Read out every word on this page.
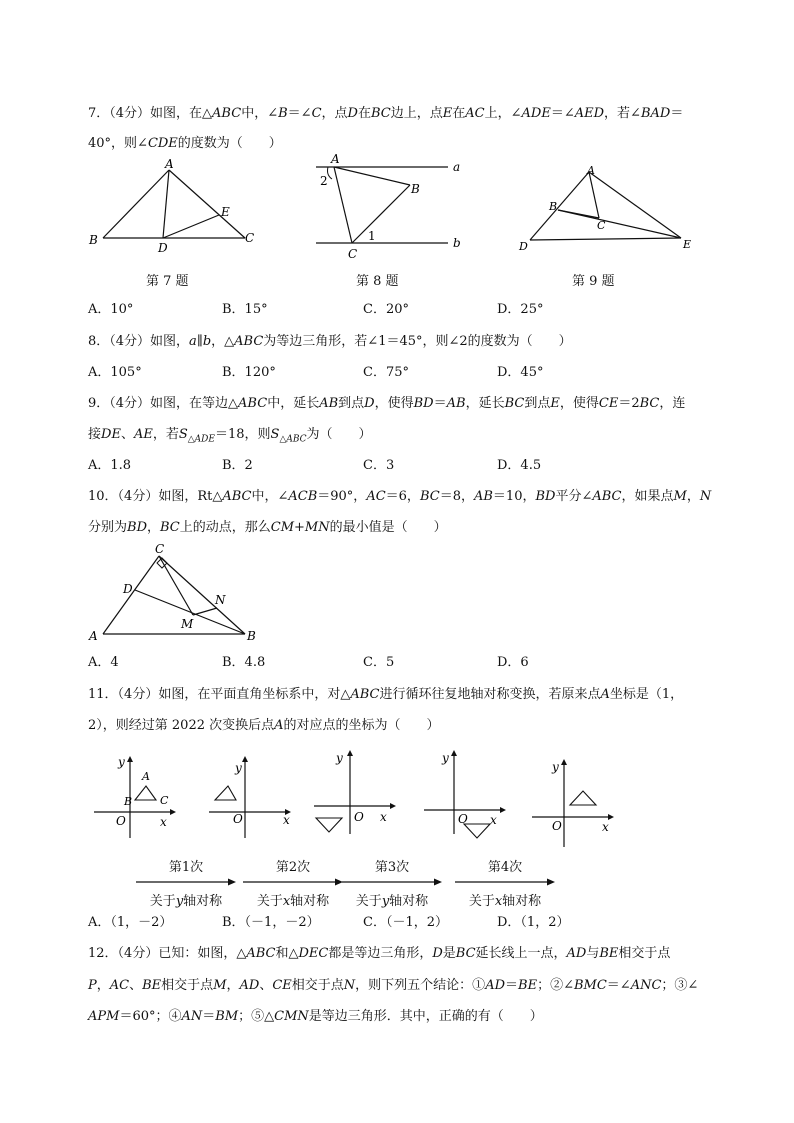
7．（4分）如图，在△ABC中，∠B＝∠C，点D在BC边上，点E在AC上，∠ADE＝∠AED，若∠BAD＝
40°，则∠CDE的度数为（　　）
A
B	C
D
E
第 7 题
A
B
C
1
2
a
b
第 8 题
A
B
C
D	E
第 9 题
A．10°	B．15°	C．20°	D．25°
8．（4分）如图，a∥b，△ABC为等边三角形，若∠1＝45°，则∠2的度数为（　　）
A．105°	B．120°	C．75°	D．45°
9．（4分）如图，在等边△ABC中，延长AB到点D，使得BD＝AB，延长BC到点E，使得CE＝2BC，连
接DE、AE，若$S_{\triangle ADE}=18$，则$S_{\triangle ABC}$为（　　）
A．1.8	B．2	C．3	D．4.5
10．（4分）如图，Rt△ABC中，∠ACB＝90°，AC＝6，BC＝8，AB＝10，BD平分∠ABC，如果点M，N
分别为BD，BC上的动点，那么CM+MN的最小值是（　　）
C
D
N
M
A	B
A．4	B．4.8	C．5	D．6
11．（4分）如图，在平面直角坐标系中，对△ABC进行循环往复地轴对称变换，若原来点A坐标是（1，
2），则经过第 2022 次变换后点A的对应点的坐标为（　　）
x
y
O
A
B	C
x
y
O	x
y
O	x
y
O
x
y
O
第1次
关于y轴对称
第2次
关于x轴对称
第3次
关于y轴对称
第4次
关于x轴对称
A．（1，－2）	B．（－1，－2）	C．（－1，2）	D．（1，2）
12．（4分）已知：如图，△ABC和△DEC都是等边三角形，D是BC延长线上一点，AD与BE相交于点
P，AC、BE相交于点M，AD、CE相交于点N，则下列五个结论：①AD＝BE；②∠BMC＝∠ANC；③∠
APM＝60°；④AN＝BM；⑤△CMN是等边三角形．其中，正确的有（　　）
